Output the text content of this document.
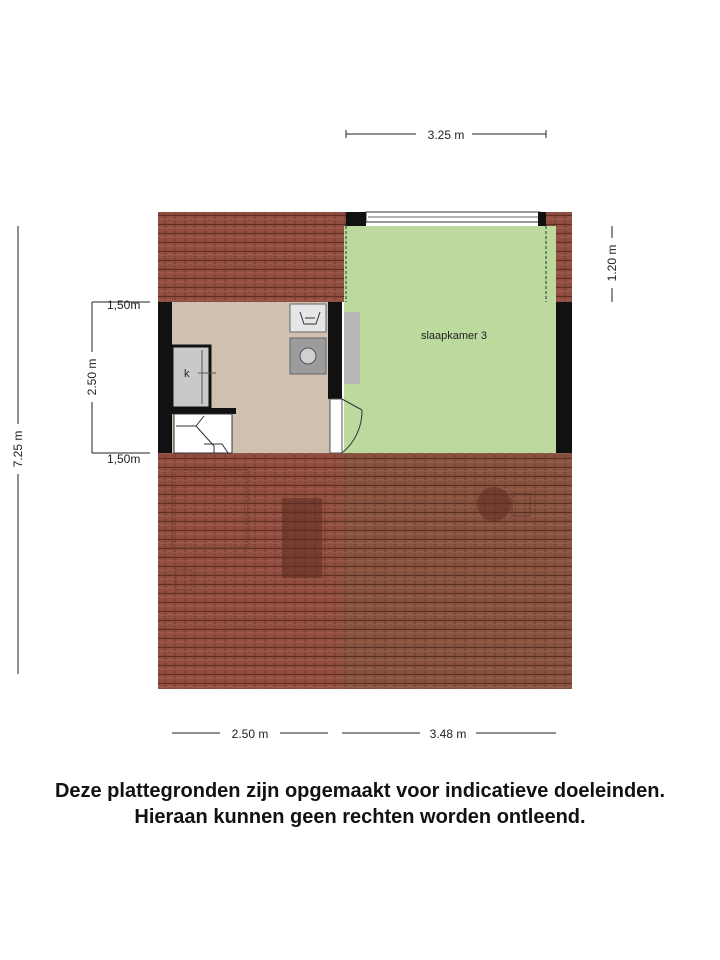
k
slaapkamer 3
3.25 m
7.25 m
2.50 m
1,50m
1,50m
1.20 m
2.50 m	3.48 m

Deze plattegronden zijn opgemaakt voor indicatieve doeleinden.
Hieraan kunnen geen rechten worden ontleend.
